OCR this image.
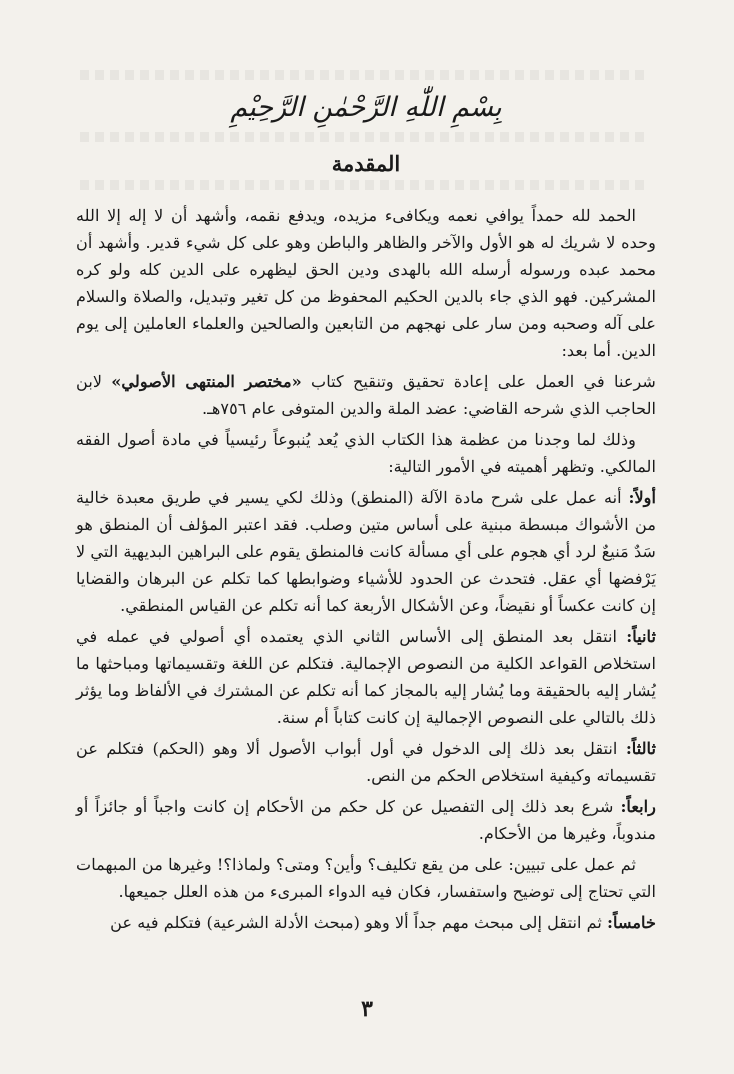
بِسْمِ اللّٰهِ الرَّحْمٰنِ الرَّحِيْمِ
المقدمة

الحمد لله حمداً يوافي نعمه ويكافىء مزيده، ويدفع نقمه، وأشهد أن لا إله إلا الله وحده لا شريك له هو الأول والآخر والظاهر والباطن وهو على كل شيء قدير. وأشهد أن محمد عبده ورسوله أرسله الله بالهدى ودين الحق ليظهره على الدين كله ولو كره المشركين. فهو الذي جاء بالدين الحكيم المحفوظ من كل تغير وتبديل، والصلاة والسلام على آله وصحبه ومن سار على نهجهم من التابعين والصالحين والعلماء العاملين إلى يوم الدين. أما بعد:

شرعنا في العمل على إعادة تحقيق وتنقيح كتاب «مختصر المنتهى الأصولي» لابن الحاجب الذي شرحه القاضي: عضد الملة والدين المتوفى عام ٧٥٦هـ.

وذلك لما وجدنا من عظمة هذا الكتاب الذي يُعد يُنبوعاً رئيسياً في مادة أصول الفقه المالكي. وتظهر أهميته في الأمور التالية:

أولاً: أنه عمل على شرح مادة الآلة (المنطق) وذلك لكي يسير في طريق معبدة خالية من الأشواك مبسطة مبنية على أساس متين وصلب. فقد اعتبر المؤلف أن المنطق هو سَدٌ مَنيعٌ لرد أي هجوم على أي مسألة كانت فالمنطق يقوم على البراهين البديهية التي لا يَرْفضها أي عقل. فتحدث عن الحدود للأشياء وضوابطها كما تكلم عن البرهان والقضايا إن كانت عكساً أو نقيضاً، وعن الأشكال الأربعة كما أنه تكلم عن القياس المنطقي.

ثانياً: انتقل بعد المنطق إلى الأساس الثاني الذي يعتمده أي أصولي في عمله في استخلاص القواعد الكلية من النصوص الإجمالية. فتكلم عن اللغة وتقسيماتها ومباحثها ما يُشار إليه بالحقيقة وما يُشار إليه بالمجاز كما أنه تكلم عن المشترك في الألفاظ وما يؤثر ذلك بالتالي على النصوص الإجمالية إن كانت كتاباً أم سنة.

ثالثاً: انتقل بعد ذلك إلى الدخول في أول أبواب الأصول ألا وهو (الحكم) فتكلم عن تقسيماته وكيفية استخلاص الحكم من النص.

رابعاً: شرع بعد ذلك إلى التفصيل عن كل حكم من الأحكام إن كانت واجباً أو جائزاً أو مندوباً، وغيرها من الأحكام.

ثم عمل على تبيين: على من يقع تكليف؟ وأين؟ ومتى؟ ولماذا؟! وغيرها من المبهمات التي تحتاج إلى توضيح واستفسار، فكان فيه الدواء المبرىء من هذه العلل جميعها.

خامساً: ثم انتقل إلى مبحث مهم جداً ألا وهو (مبحث الأدلة الشرعية) فتكلم فيه عن

٣
